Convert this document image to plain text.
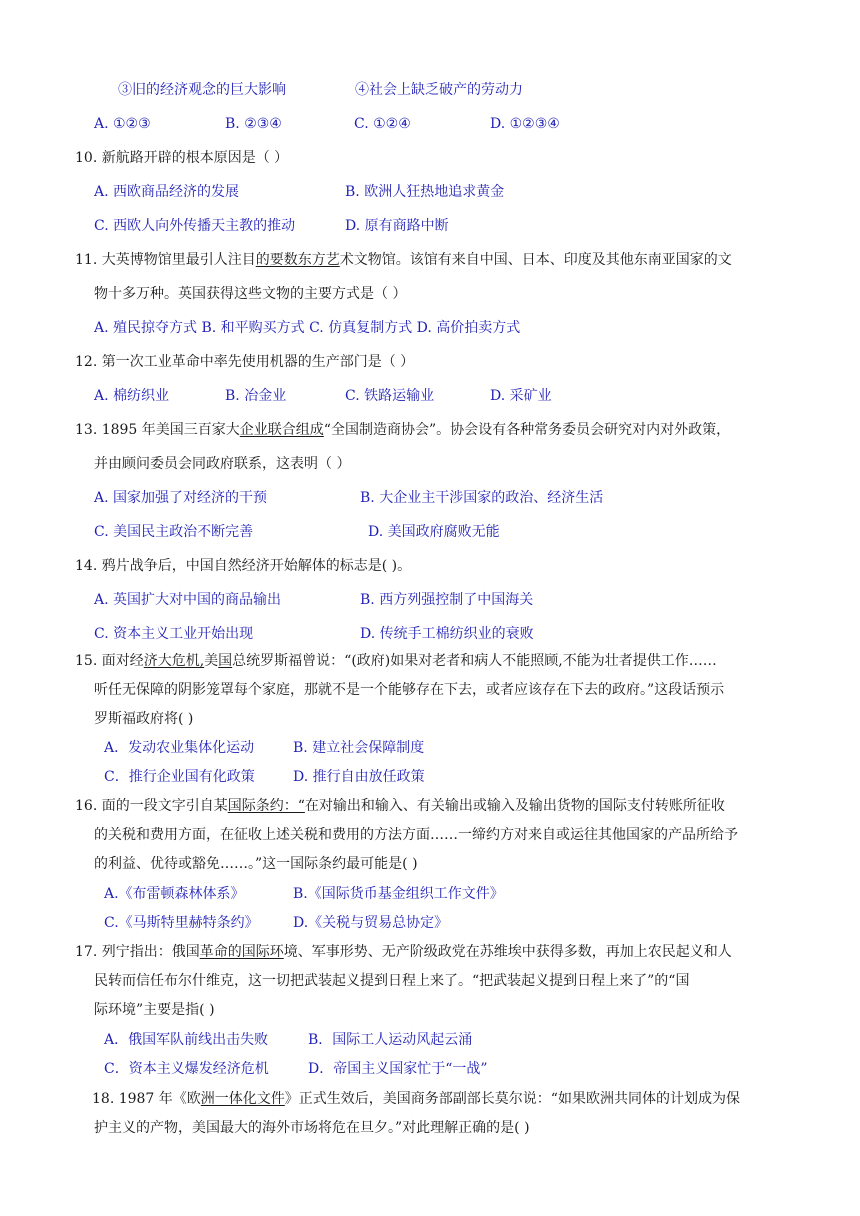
③旧的经济观念的巨大影响	④社会上缺乏破产的劳动力
A. ①②③	B. ②③④	C. ①②④	D. ①②③④
10. 新航路开辟的根本原因是（ ）
A. 西欧商品经济的发展	B. 欧洲人狂热地追求黄金
C. 西欧人向外传播天主教的推动	D. 原有商路中断
11. 大英博物馆里最引人注目的要数东方艺术文物馆。该馆有来自中国、日本、印度及其他东南亚国家的文
物十多万种。英国获得这些文物的主要方式是（ ）
A. 殖民掠夺方式 B. 和平购买方式 C. 仿真复制方式 D. 高价拍卖方式
12. 第一次工业革命中率先使用机器的生产部门是（ ）
A. 棉纺织业	B. 冶金业	C. 铁路运输业	D. 采矿业
13. 1895 年美国三百家大企业联合组成“全国制造商协会”。协会设有各种常务委员会研究对内对外政策，
并由顾问委员会同政府联系，这表明（ ）
A. 国家加强了对经济的干预	B. 大企业主干涉国家的政治、经济生活
C. 美国民主政治不断完善	D. 美国政府腐败无能
14. 鸦片战争后，中国自然经济开始解体的标志是( )。
A. 英国扩大对中国的商品输出	B. 西方列强控制了中国海关
C. 资本主义工业开始出现	D. 传统手工棉纺织业的衰败
15. 面对经济大危机,美国总统罗斯福曾说：“(政府)如果对老者和病人不能照顾,不能为壮者提供工作……
听任无保障的阴影笼罩每个家庭，那就不是一个能够存在下去，或者应该存在下去的政府。”这段话预示
罗斯福政府将( )
A．发动农业集体化运动	B. 建立社会保障制度
C．推行企业国有化政策	D. 推行自由放任政策
16. 面的一段文字引自某国际条约：“在对输出和输入、有关输出或输入及输出货物的国际支付转账所征收
的关税和费用方面，在征收上述关税和费用的方法方面……一缔约方对来自或运往其他国家的产品所给予
的利益、优待或豁免……。”这一国际条约最可能是( )
A.《布雷顿森林体系》	B.《国际货币基金组织工作文件》
C.《马斯特里赫特条约》 D.《关税与贸易总协定》
17. 列宁指出：俄国革命的国际环境、军事形势、无产阶级政党在苏维埃中获得多数，再加上农民起义和人
民转而信任布尔什维克，这一切把武装起义提到日程上来了。“把武装起义提到日程上来了”的“国
际环境”主要是指( )
A．俄国军队前线出击失败	B．国际工人运动风起云涌
C．资本主义爆发经济危机	D．帝国主义国家忙于“一战”
18. 1987 年《欧洲一体化文件》正式生效后，美国商务部副部长莫尔说：“如果欧洲共同体的计划成为保
护主义的产物，美国最大的海外市场将危在旦夕。”对此理解正确的是( )
